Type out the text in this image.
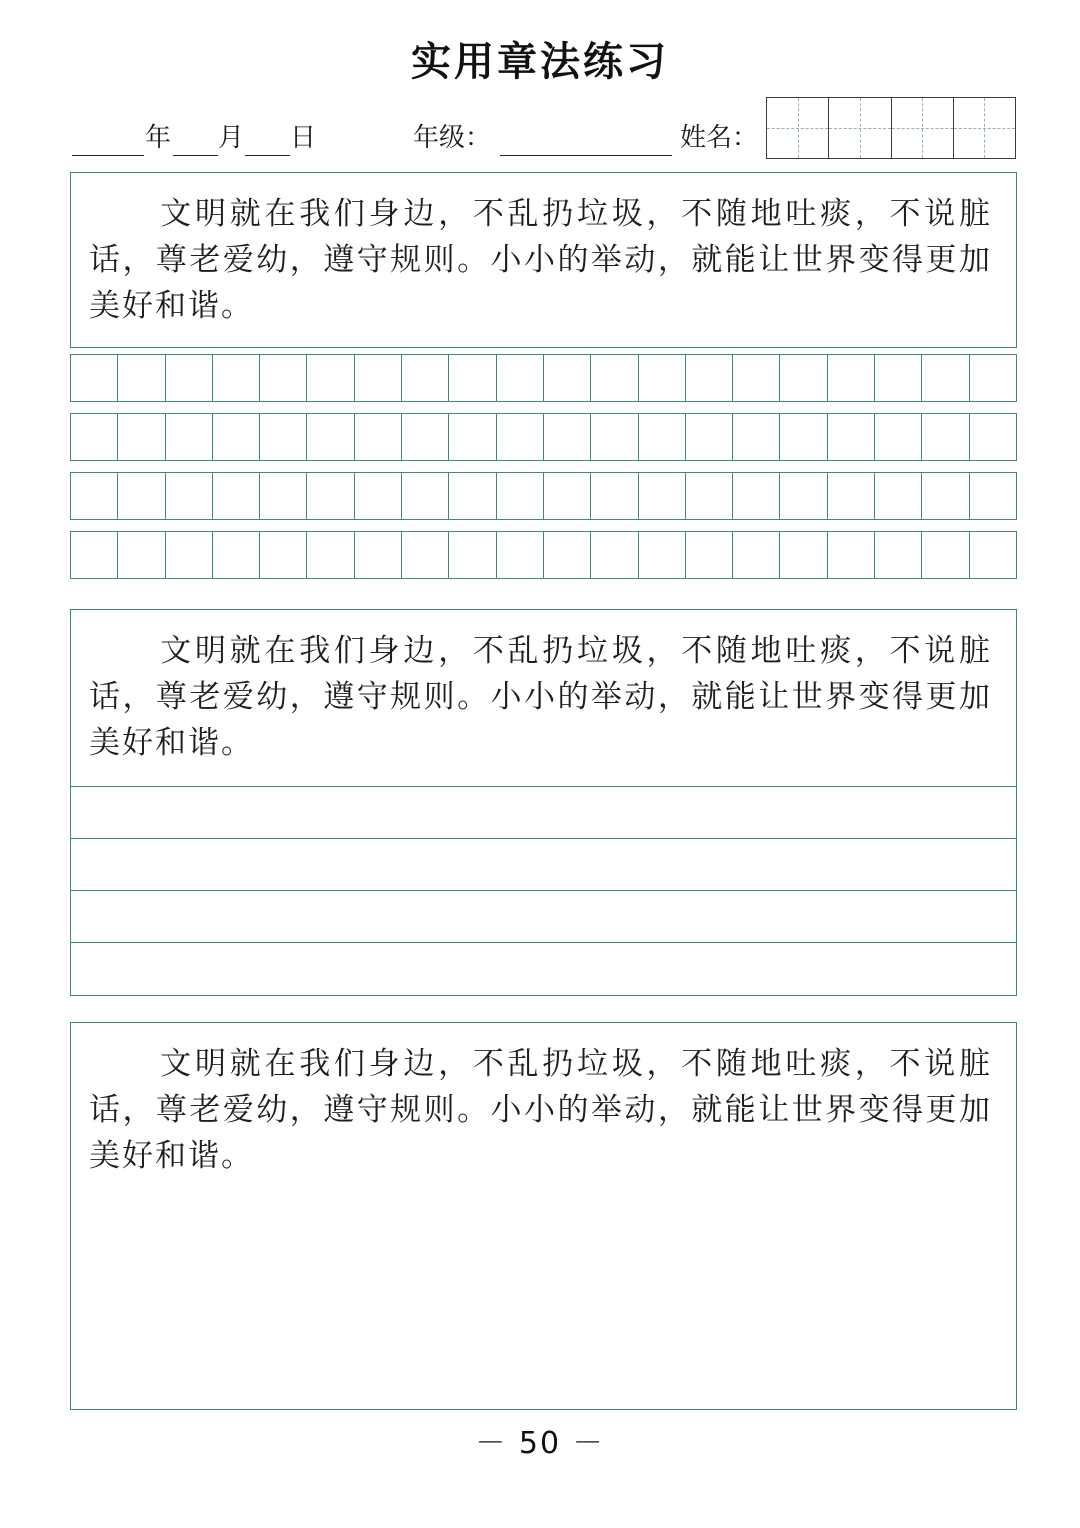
实用章法练习
年 月 日	年级：	姓名：
文明就在我们身边，不乱扔垃圾，不随地吐痰，不说脏话，尊老爱幼，遵守规则。小小的举动，就能让世界变得更加美好和谐。
文明就在我们身边，不乱扔垃圾，不随地吐痰，不说脏话，尊老爱幼，遵守规则。小小的举动，就能让世界变得更加美好和谐。
文明就在我们身边，不乱扔垃圾，不随地吐痰，不说脏话，尊老爱幼，遵守规则。小小的举动，就能让世界变得更加美好和谐。
－ 50 －
